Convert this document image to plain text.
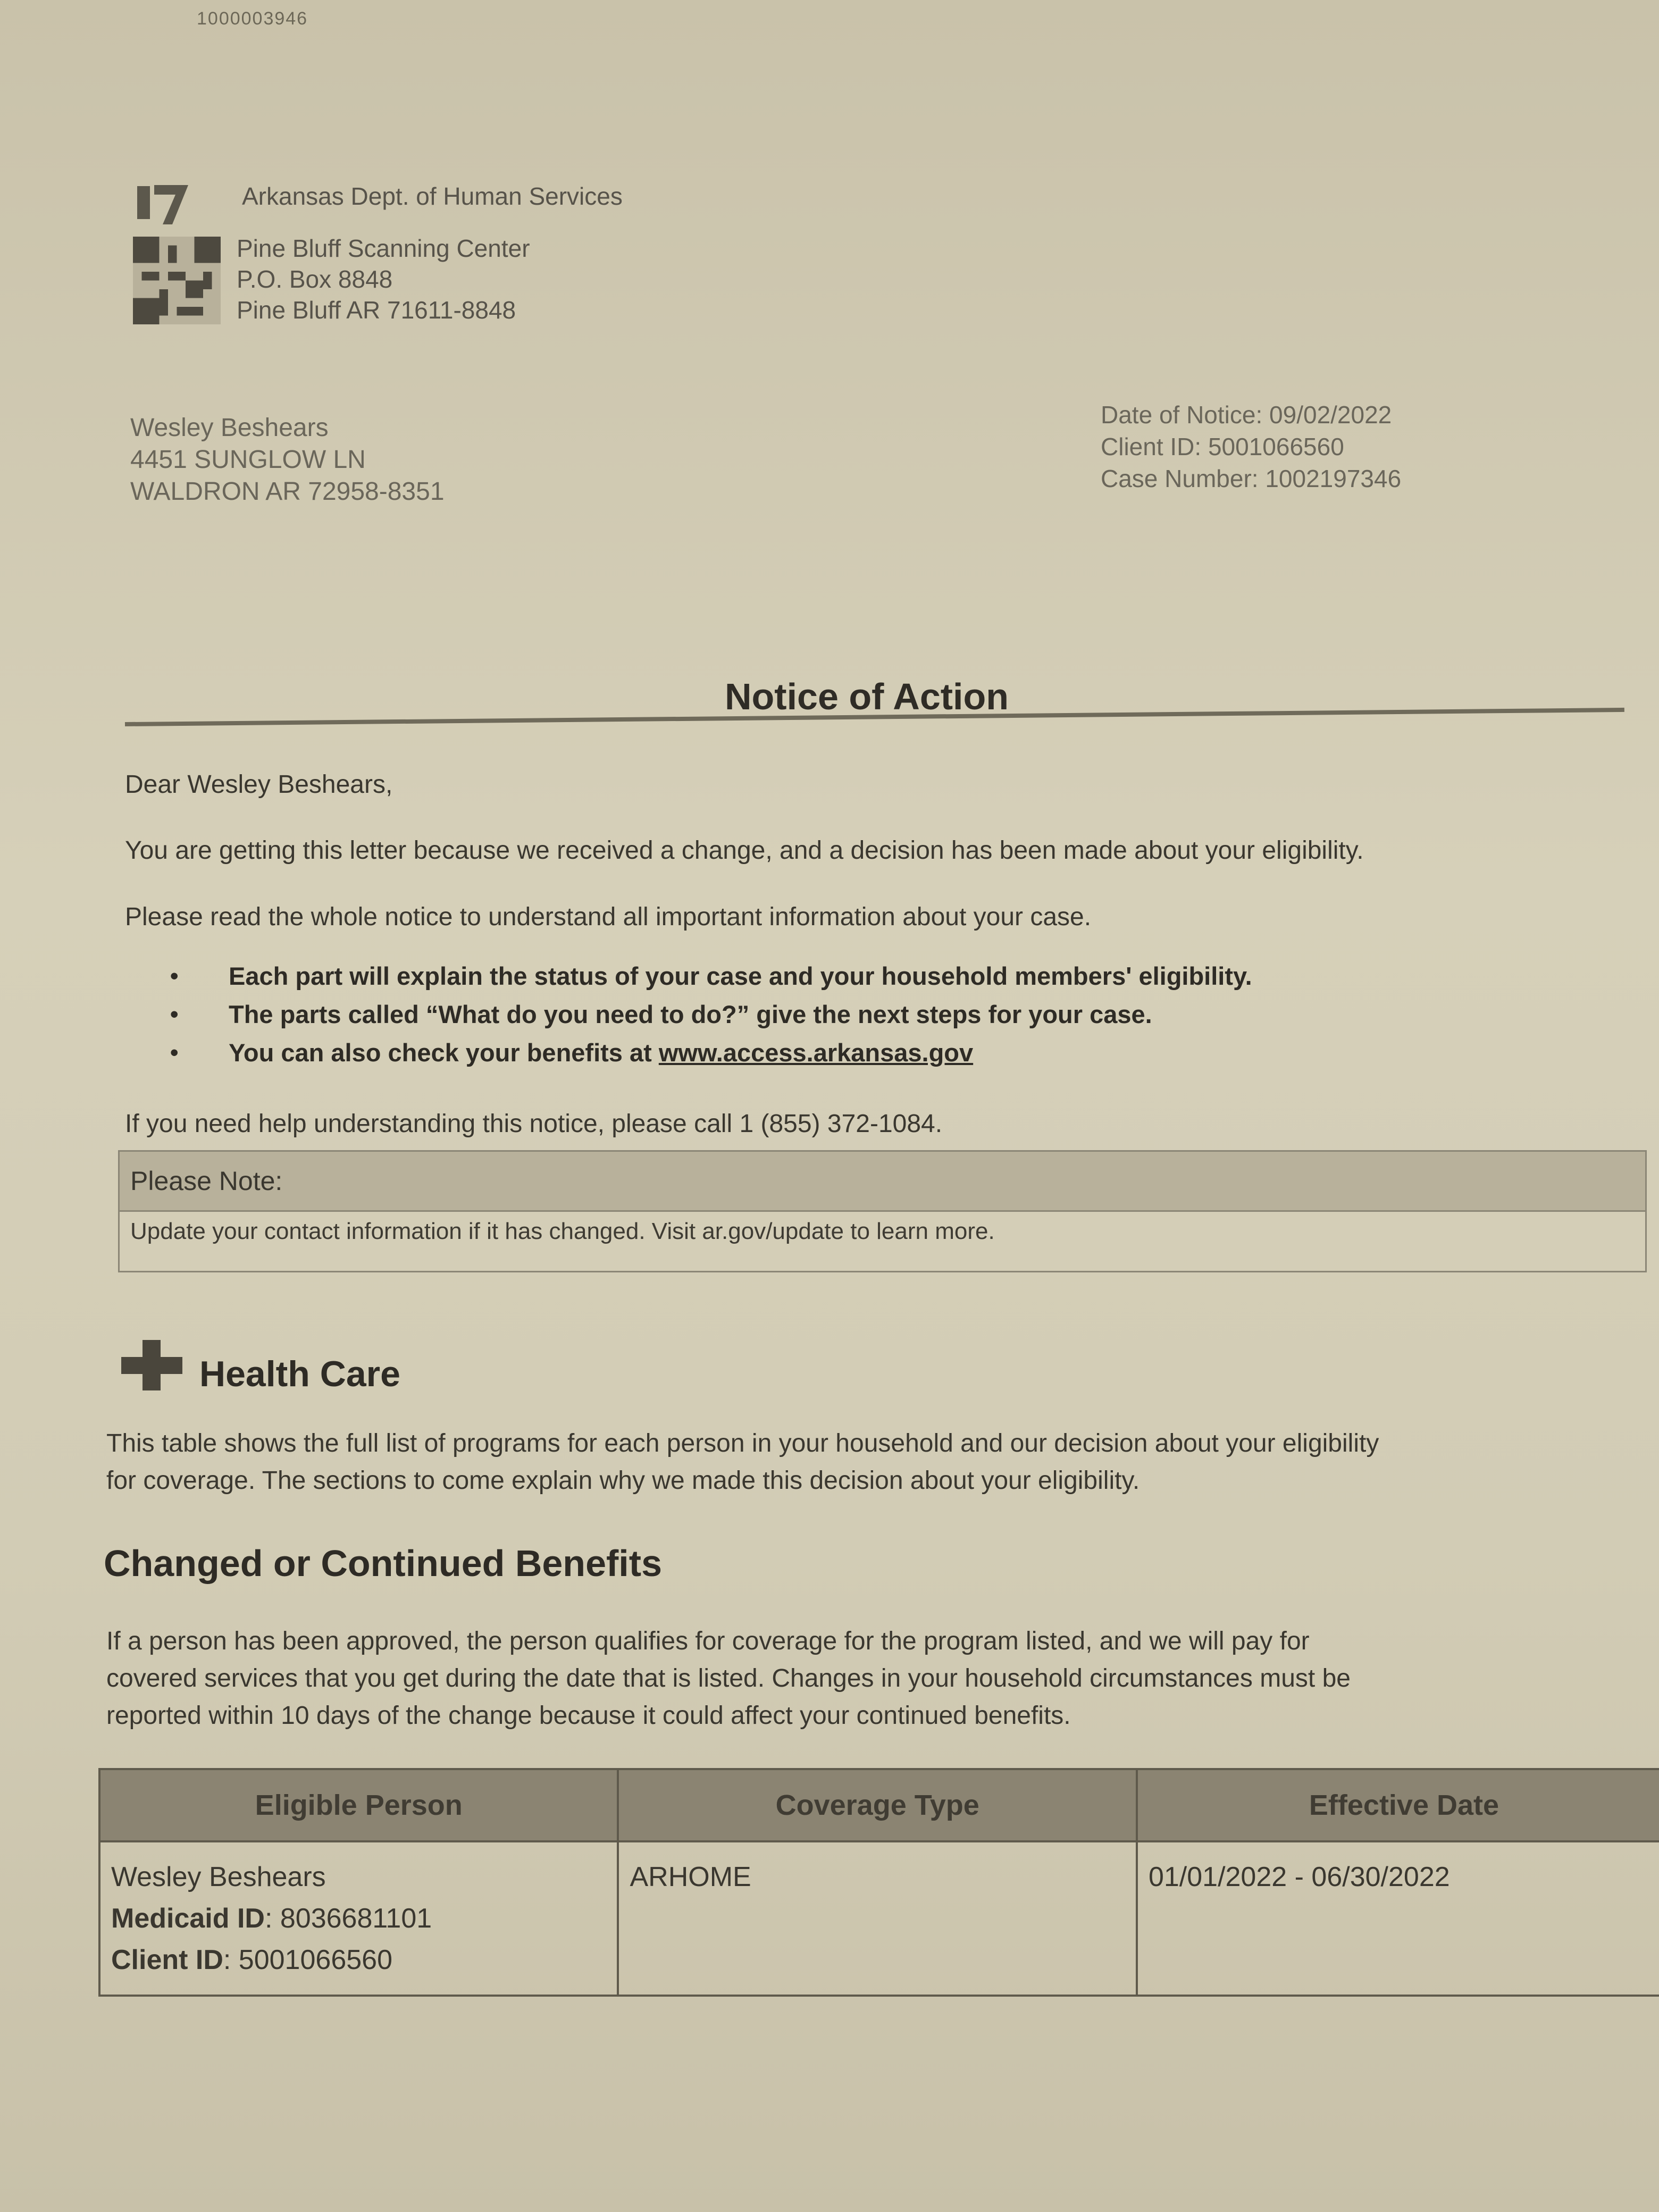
1000003946
Arkansas Dept. of Human Services
Pine Bluff Scanning Center
P.O. Box 8848
Pine Bluff AR 71611-8848
Wesley Beshears
4451 SUNGLOW LN
WALDRON AR 72958-8351
Date of Notice: 09/02/2022
Client ID: 5001066560
Case Number: 1002197346
Notice of Action
Dear Wesley Beshears,
You are getting this letter because we received a change, and a decision has been made about your eligibility.
Please read the whole notice to understand all important information about your case.
• Each part will explain the status of your case and your household members' eligibility.
• The parts called “What do you need to do?” give the next steps for your case.
• You can also check your benefits at www.access.arkansas.gov
If you need help understanding this notice, please call 1 (855) 372-1084.
Please Note:
Update your contact information if it has changed. Visit ar.gov/update to learn more.
Health Care
This table shows the full list of programs for each person in your household and our decision about your eligibility
for coverage. The sections to come explain why we made this decision about your eligibility.
Changed or Continued Benefits
If a person has been approved, the person qualifies for coverage for the program listed, and we will pay for
covered services that you get during the date that is listed. Changes in your household circumstances must be
reported within 10 days of the change because it could affect your continued benefits.
Eligible Person	Coverage Type	Effective Date

Wesley Beshears
Medicaid ID: 8036681101
Client ID: 5001066560	ARHOME	01/01/2022 - 06/30/2022
